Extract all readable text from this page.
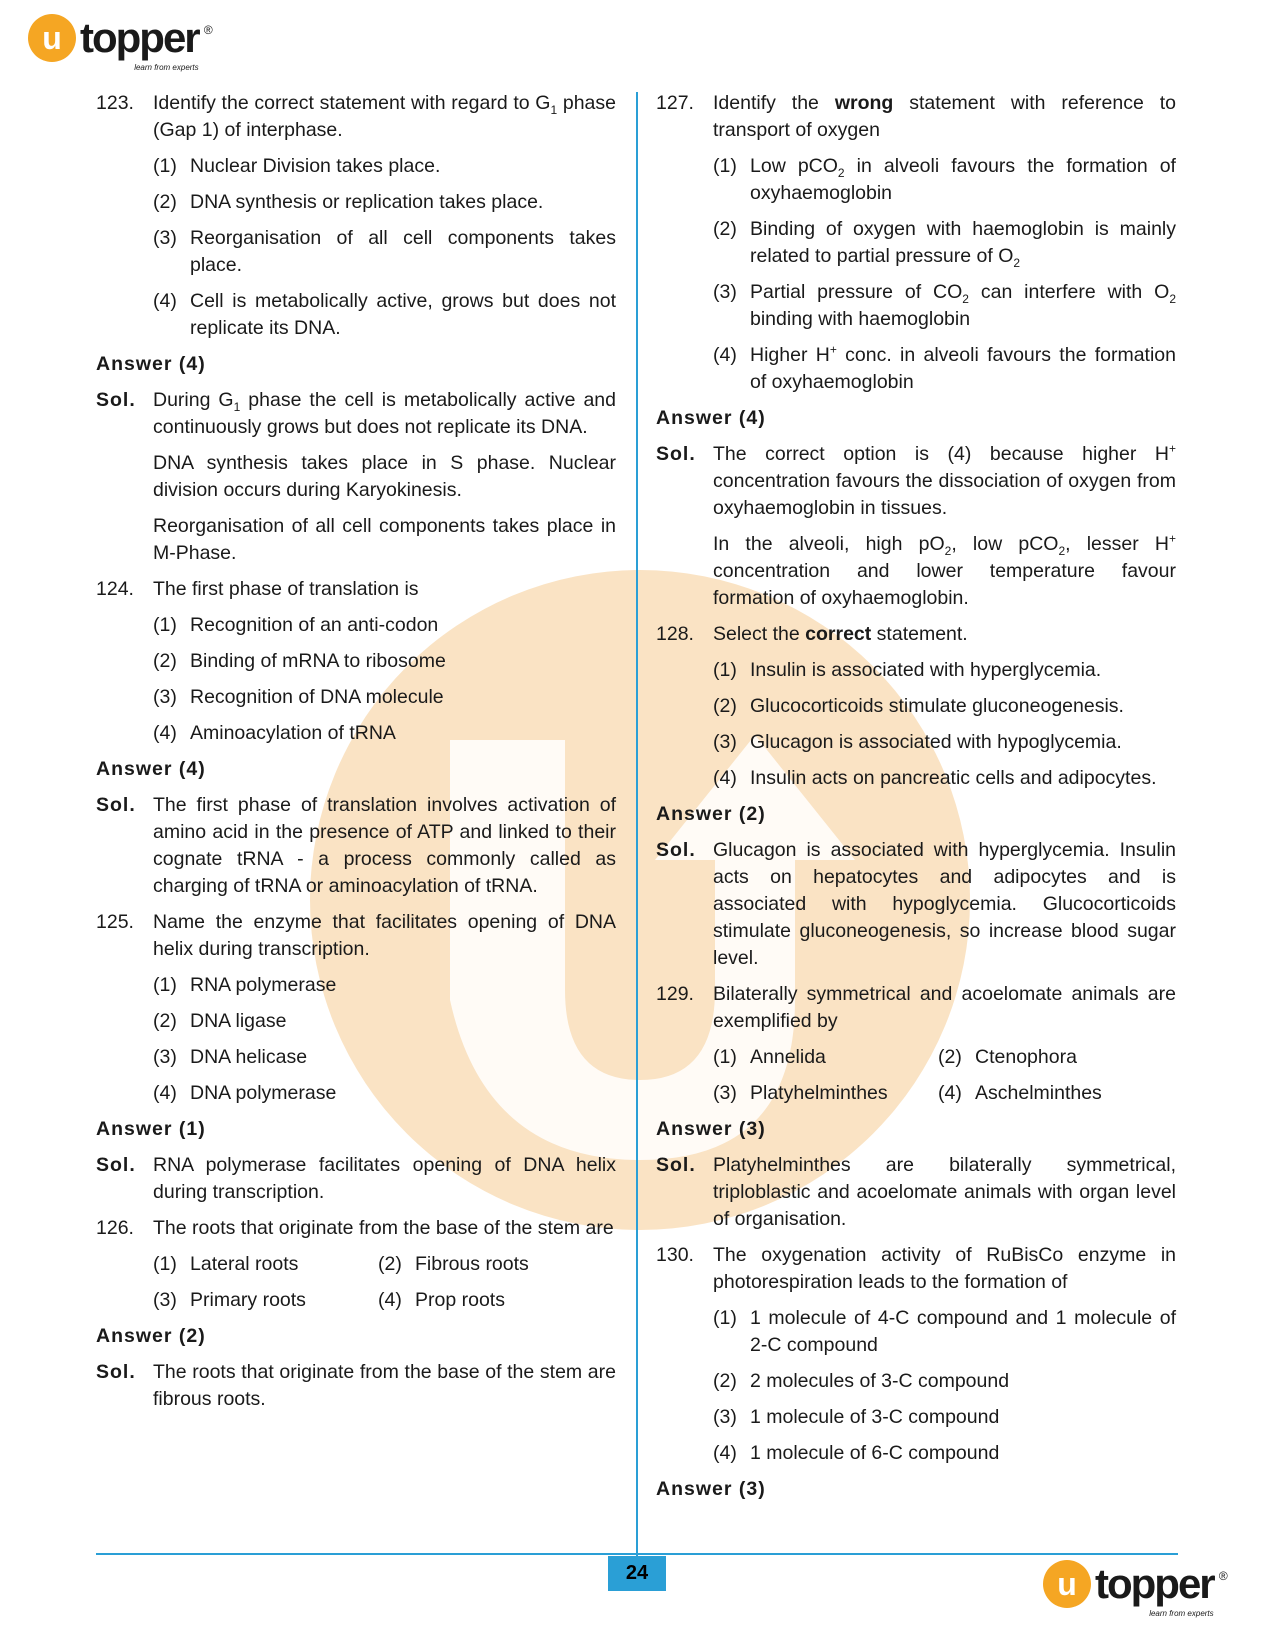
u topper ®
learn from experts
123. Identify the correct statement with regard to $G_1$ phase (Gap 1) of interphase.
(1) Nuclear Division takes place.
(2) DNA synthesis or replication takes place.
(3) Reorganisation of all cell components takes place.
(4) Cell is metabolically active, grows but does not replicate its DNA.
Answer (4)
Sol. During $G_1$ phase the cell is metabolically active and continuously grows but does not replicate its DNA.
DNA synthesis takes place in S phase. Nuclear division occurs during Karyokinesis.
Reorganisation of all cell components takes place in M-Phase.
124. The first phase of translation is
(1) Recognition of an anti-codon
(2) Binding of mRNA to ribosome
(3) Recognition of DNA molecule
(4) Aminoacylation of tRNA
Answer (4)
Sol. The first phase of translation involves activation of amino acid in the presence of ATP and linked to their cognate tRNA - a process commonly called as charging of tRNA or aminoacylation of tRNA.
125. Name the enzyme that facilitates opening of DNA helix during transcription.
(1) RNA polymerase
(2) DNA ligase
(3) DNA helicase
(4) DNA polymerase
Answer (1)
Sol. RNA polymerase facilitates opening of DNA helix during transcription.
126. The roots that originate from the base of the stem are
(1) Lateral roots	(2) Fibrous roots
(3) Primary roots	(4) Prop roots
Answer (2)
Sol. The roots that originate from the base of the stem are fibrous roots.
127. Identify the wrong statement with reference to transport of oxygen
(1) Low pCO$_2$ in alveoli favours the formation of oxyhaemoglobin
(2) Binding of oxygen with haemoglobin is mainly related to partial pressure of $O_2$
(3) Partial pressure of $CO_2$ can interfere with $O_2$ binding with haemoglobin
(4) Higher H+ conc. in alveoli favours the formation of oxyhaemoglobin
Answer (4)
Sol. The correct option is (4) because higher H+ concentration favours the dissociation of oxygen from oxyhaemoglobin in tissues.
In the alveoli, high $pO_2$, low pCO$_2$, lesser H+ concentration and lower temperature favour formation of oxyhaemoglobin.
128. Select the correct statement.
(1) Insulin is associated with hyperglycemia.
(2) Glucocorticoids stimulate gluconeogenesis.
(3) Glucagon is associated with hypoglycemia.
(4) Insulin acts on pancreatic cells and adipocytes.
Answer (2)
Sol. Glucagon is associated with hyperglycemia. Insulin acts on hepatocytes and adipocytes and is associated with hypoglycemia. Glucocorticoids stimulate gluconeogenesis, so increase blood sugar level.
129. Bilaterally symmetrical and acoelomate animals are exemplified by
(1) Annelida	(2) Ctenophora
(3) Platyhelminthes	(4) Aschelminthes
Answer (3)
Sol. Platyhelminthes are bilaterally symmetrical, triploblastic and acoelomate animals with organ level of organisation.
130. The oxygenation activity of RuBisCo enzyme in photorespiration leads to the formation of
(1) 1 molecule of 4-C compound and 1 molecule of 2-C compound
(2) 2 molecules of 3-C compound
(3) 1 molecule of 3-C compound
(4) 1 molecule of 6-C compound
Answer (3)
24	u topper ®
learn from experts
